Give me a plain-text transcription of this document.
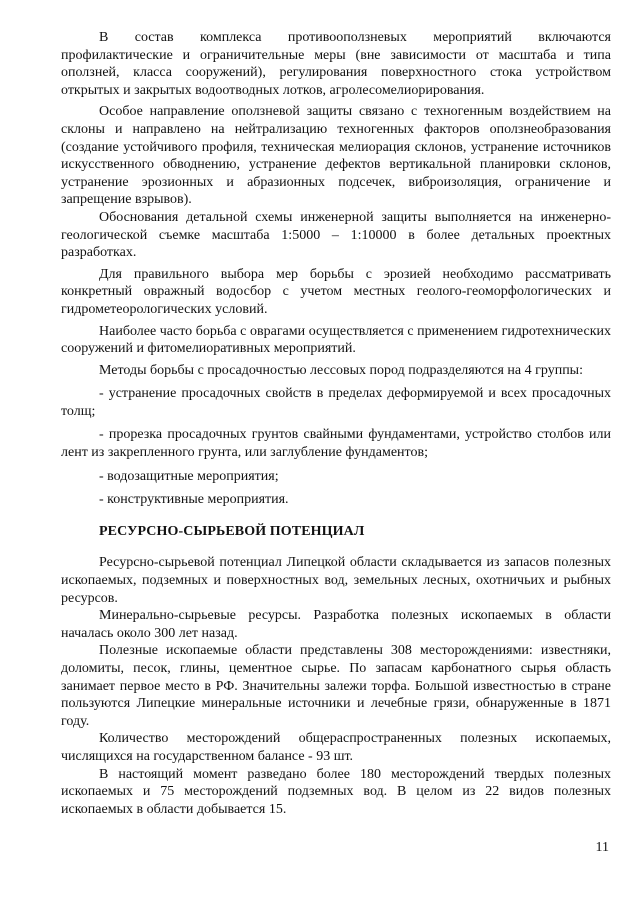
В состав комплекса противооползневых мероприятий включаются профилактические и ограничительные меры (вне зависимости от масштаба и типа оползней, класса сооружений), регулирования поверхностного стока устройством открытых и закрытых водоотводных лотков, агролесомелиорирования.

Особое направление оползневой защиты связано с техногенным воздействием на склоны и направлено на нейтрализацию техногенных факторов оползнеобразования (создание устойчивого профиля, техническая мелиорация склонов, устранение источников искусственного обводнению, устранение дефектов вертикальной планировки склонов, устранение эрозионных и абразионных подсечек, виброизоляция, ограничение и запрещение взрывов).

Обоснования детальной схемы инженерной защиты выполняется на инженерно-геологической съемке масштаба 1:5000 – 1:10000 в более детальных проектных разработках.

Для правильного выбора мер борьбы с эрозией необходимо рассматривать конкретный овражный водосбор с учетом местных геолого-геоморфологических и гидрометеорологических условий.

Наиболее часто борьба с оврагами осуществляется с применением гидротехнических сооружений и фитомелиоративных мероприятий.

Методы борьбы с просадочностью лессовых пород подразделяются на 4 группы:

- устранение просадочных свойств в пределах деформируемой и всех просадочных толщ;

- прорезка просадочных грунтов свайными фундаментами, устройство столбов или лент из закрепленного грунта, или заглубление фундаментов;

- водозащитные мероприятия;

- конструктивные мероприятия.

РЕСУРСНО-СЫРЬЕВОЙ ПОТЕНЦИАЛ

Ресурсно-сырьевой потенциал Липецкой области складывается из запасов полезных ископаемых, подземных и поверхностных вод, земельных лесных, охотничьих и рыбных ресурсов.

Минерально-сырьевые ресурсы. Разработка полезных ископаемых в области началась около 300 лет назад.

Полезные ископаемые области представлены 308 месторождениями: известняки, доломиты, песок, глины, цементное сырье. По запасам карбонатного сырья область занимает первое место в РФ. Значительны залежи торфа. Большой известностью в стране пользуются Липецкие минеральные источники и лечебные грязи, обнаруженные в 1871 году.

Количество месторождений общераспространенных полезных ископаемых, числящихся на государственном балансе - 93 шт.

В настоящий момент разведано более 180 месторождений твердых полезных ископаемых и 75 месторождений подземных вод. В целом из 22 видов полезных ископаемых в области добывается 15.

11
